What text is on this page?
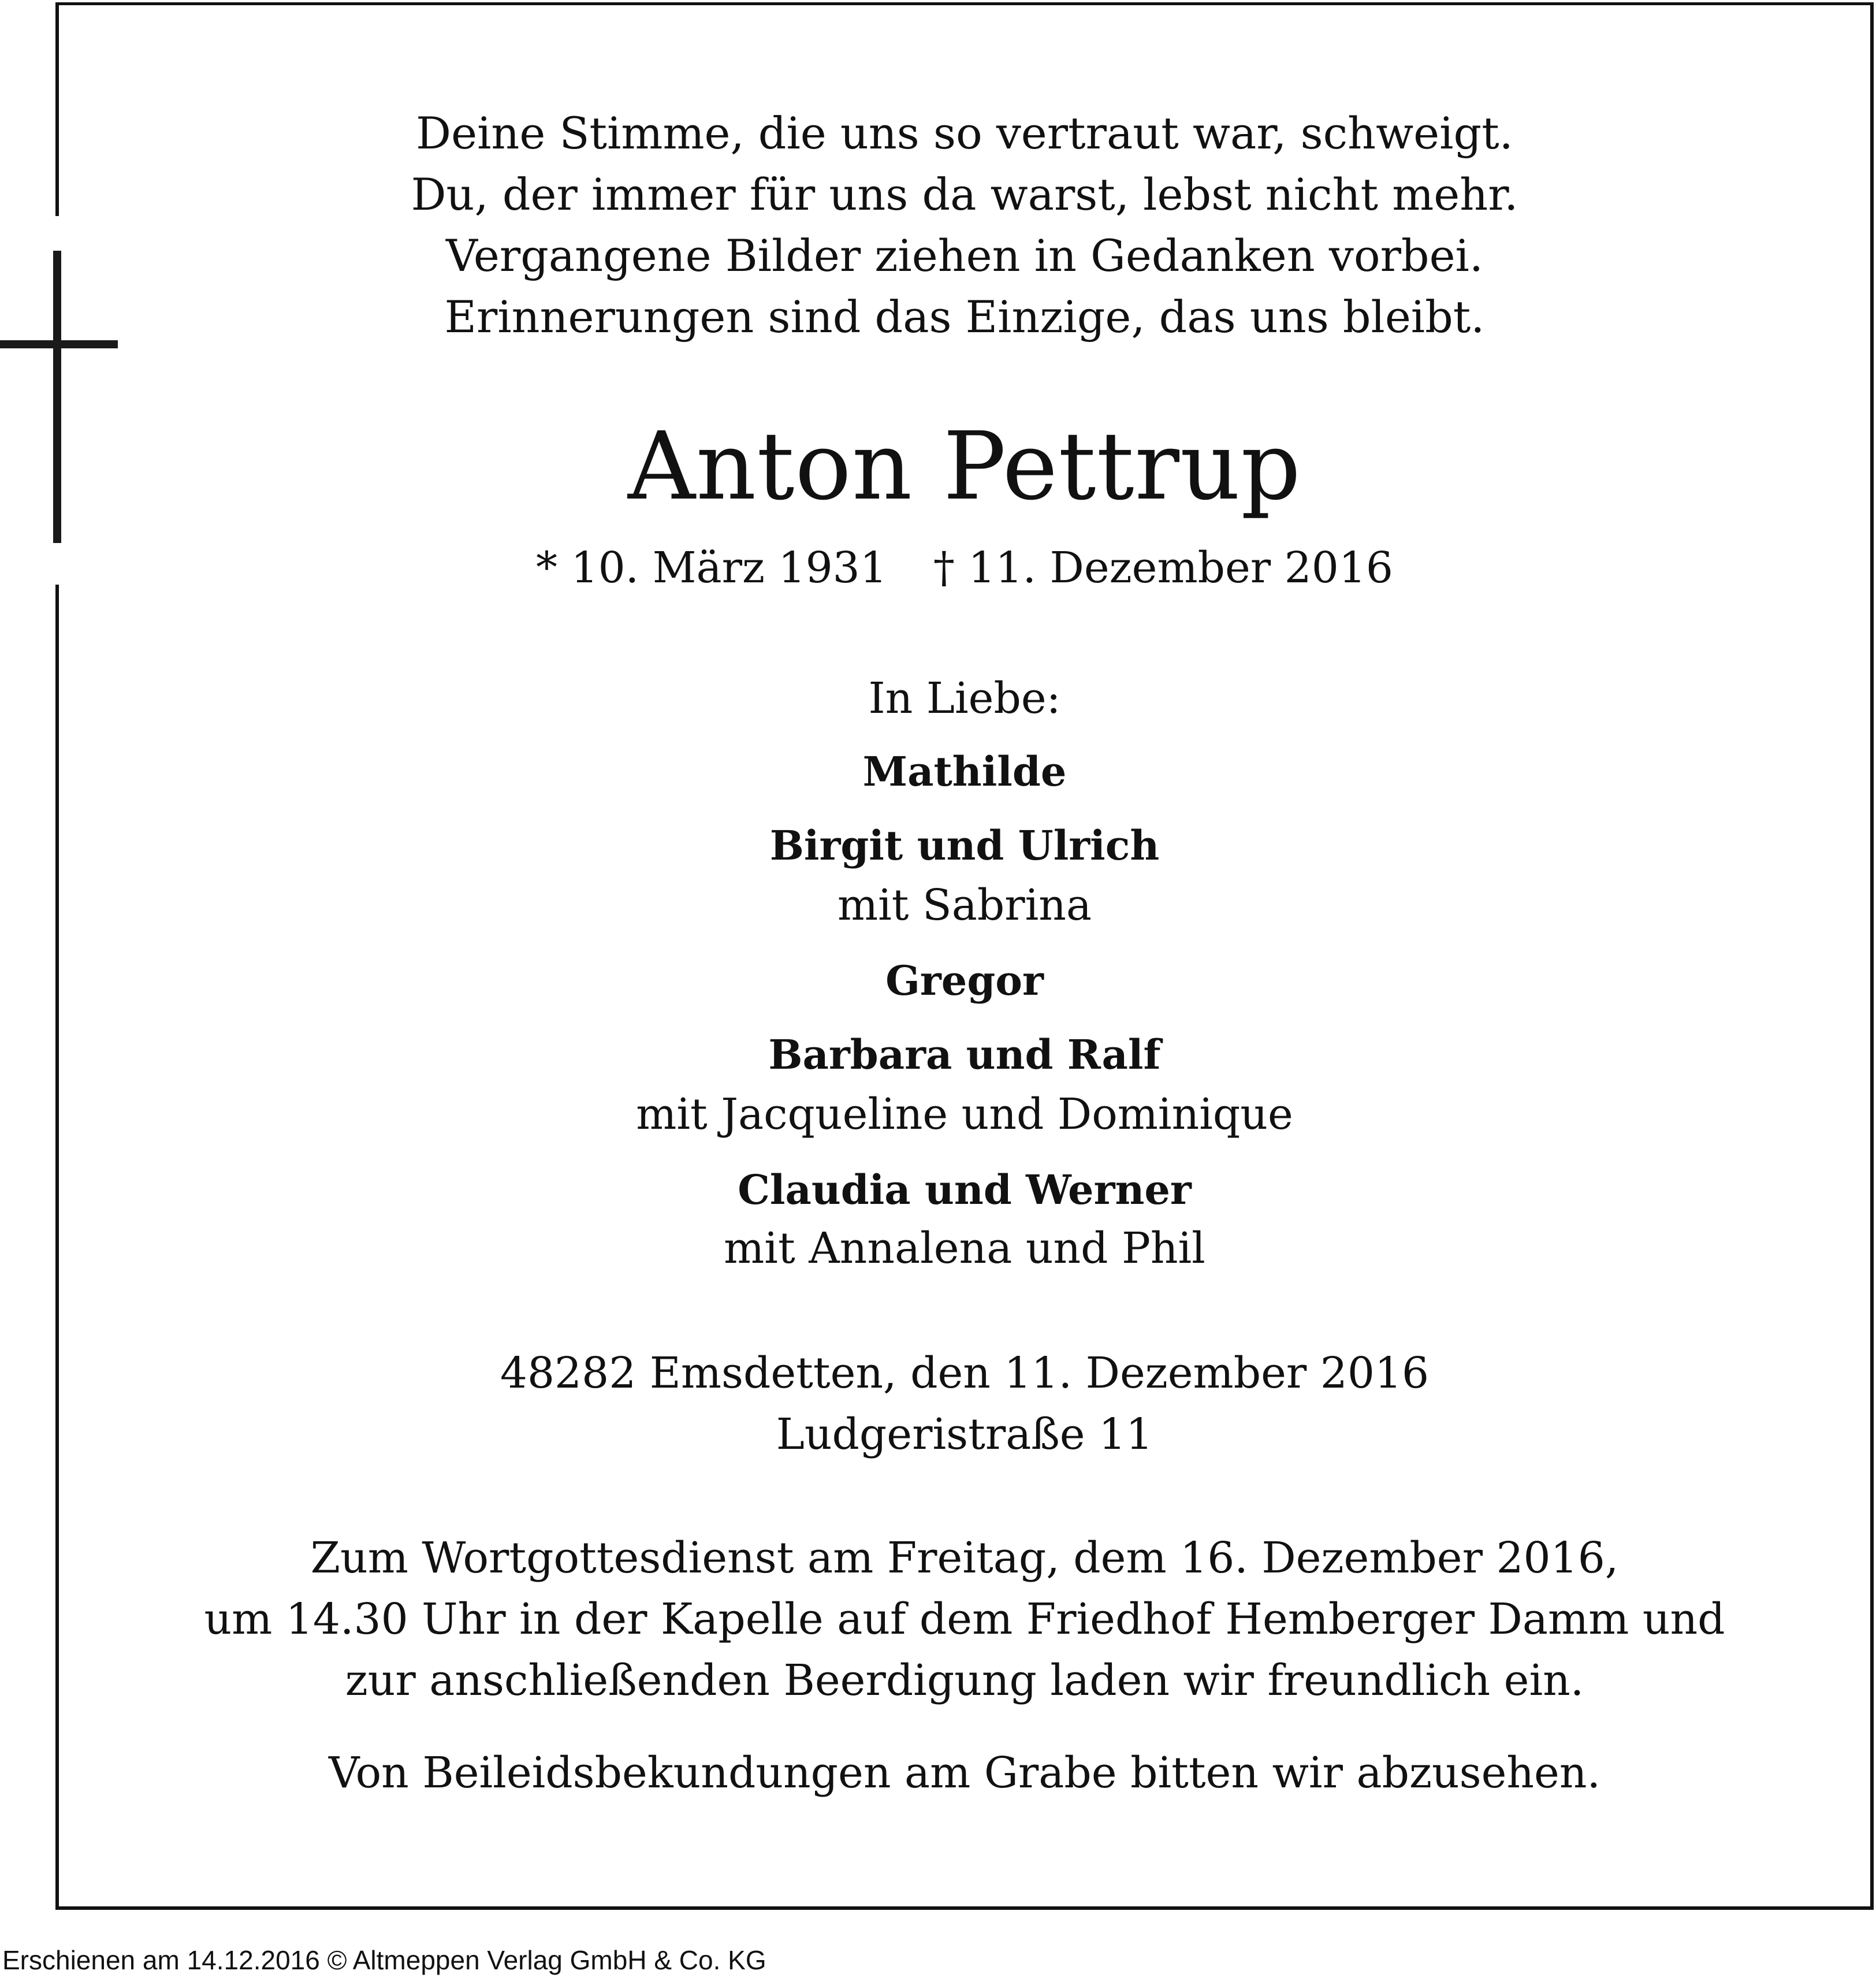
Deine Stimme, die uns so vertraut war, schweigt.
Du, der immer für uns da warst, lebst nicht mehr.
Vergangene Bilder ziehen in Gedanken vorbei.
Erinnerungen sind das Einzige, das uns bleibt.
Anton Pettrup
* 10. März 1931 † 11. Dezember 2016
In Liebe:
Mathilde
Birgit und Ulrich
mit Sabrina
Gregor
Barbara und Ralf
mit Jacqueline und Dominique
Claudia und Werner
mit Annalena und Phil
48282 Emsdetten, den 11. Dezember 2016
Ludgeristraße 11
Zum Wortgottesdienst am Freitag, dem 16. Dezember 2016,
um 14.30 Uhr in der Kapelle auf dem Friedhof Hemberger Damm und
zur anschließenden Beerdigung laden wir freundlich ein.
Von Beileidsbekundungen am Grabe bitten wir abzusehen.
Erschienen am 14.12.2016 © Altmeppen Verlag GmbH & Co. KG
